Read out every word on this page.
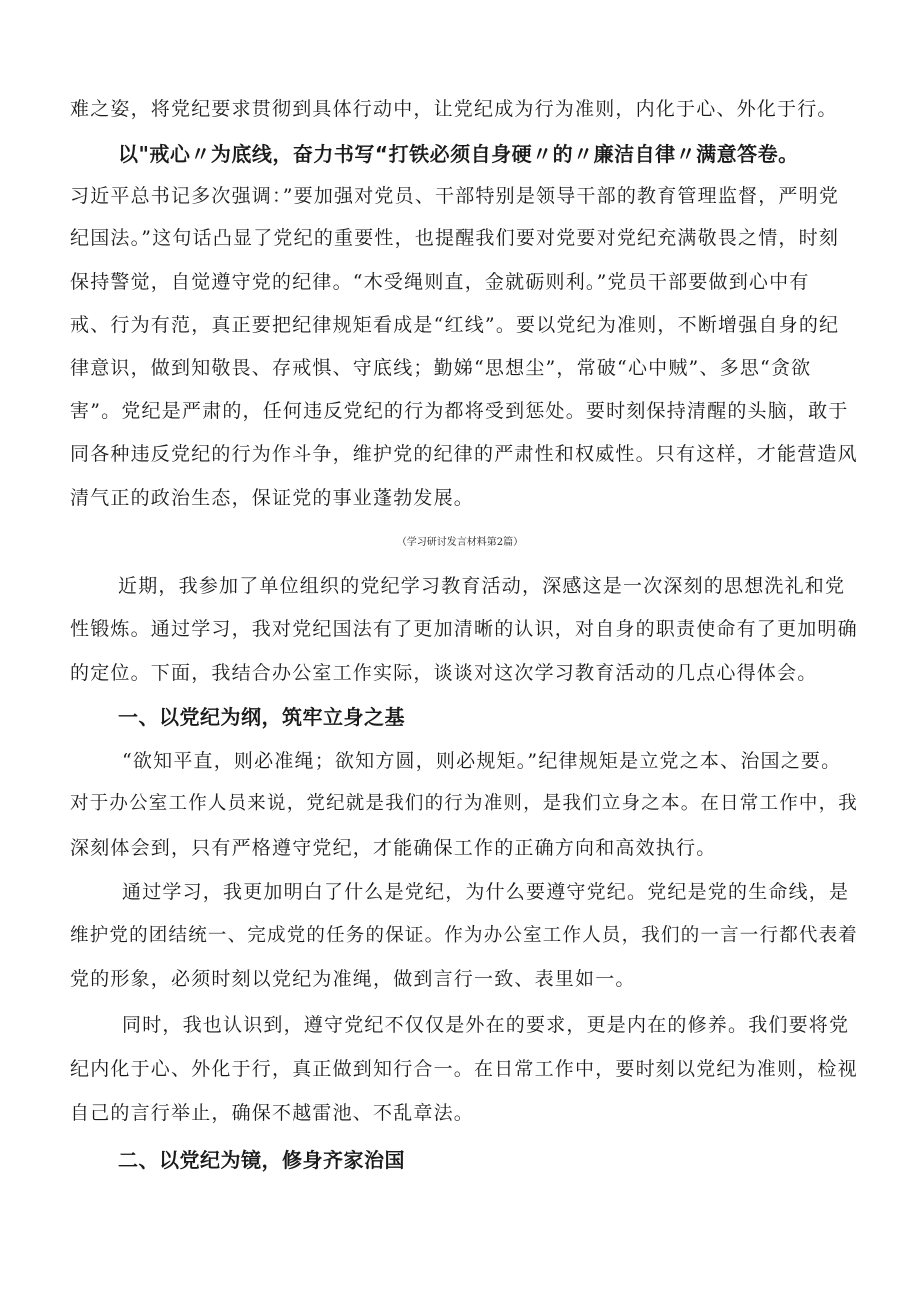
难之姿，将党纪要求贯彻到具体行动中，让党纪成为行为准则，内化于心、外化于行。
以"戒心〃为底线，奋力书写“打铁必须自身硬〃的〃廉洁自律〃满意答卷。
习近平总书记多次强调：”要加强对党员、干部特别是领导干部的教育管理监督，严明党
纪国法。”这句话凸显了党纪的重要性，也提醒我们要对党要对党纪充满敬畏之情，时刻
保持警觉，自觉遵守党的纪律。“木受绳则直，金就砺则利。”党员干部要做到心中有
戒、行为有范，真正要把纪律规矩看成是“红线”。要以党纪为准则，不断增强自身的纪
律意识，做到知敬畏、存戒惧、守底线；勤娣“思想尘”，常破“心中贼”、多思“贪欲
害”。党纪是严肃的，任何违反党纪的行为都将受到惩处。要时刻保持清醒的头脑，敢于
同各种违反党纪的行为作斗争，维护党的纪律的严肃性和权威性。只有这样，才能营造风
清气正的政治生态，保证党的事业蓬勃发展。
（学习研讨发言材料第2篇）
近期，我参加了单位组织的党纪学习教育活动，深感这是一次深刻的思想洗礼和党
性锻炼。通过学习，我对党纪国法有了更加清晰的认识，对自身的职责使命有了更加明确
的定位。下面，我结合办公室工作实际，谈谈对这次学习教育活动的几点心得体会。
一、以党纪为纲，筑牢立身之基
“欲知平直，则必准绳；欲知方圆，则必规矩。”纪律规矩是立党之本、治国之要。
对于办公室工作人员来说，党纪就是我们的行为准则，是我们立身之本。在日常工作中，我
深刻体会到，只有严格遵守党纪，才能确保工作的正确方向和高效执行。
通过学习，我更加明白了什么是党纪，为什么要遵守党纪。党纪是党的生命线，是
维护党的团结统一、完成党的任务的保证。作为办公室工作人员，我们的一言一行都代表着
党的形象，必须时刻以党纪为准绳，做到言行一致、表里如一。
同时，我也认识到，遵守党纪不仅仅是外在的要求，更是内在的修养。我们要将党
纪内化于心、外化于行，真正做到知行合一。在日常工作中，要时刻以党纪为准则，检视
自己的言行举止，确保不越雷池、不乱章法。
二、以党纪为镜，修身齐家治国
